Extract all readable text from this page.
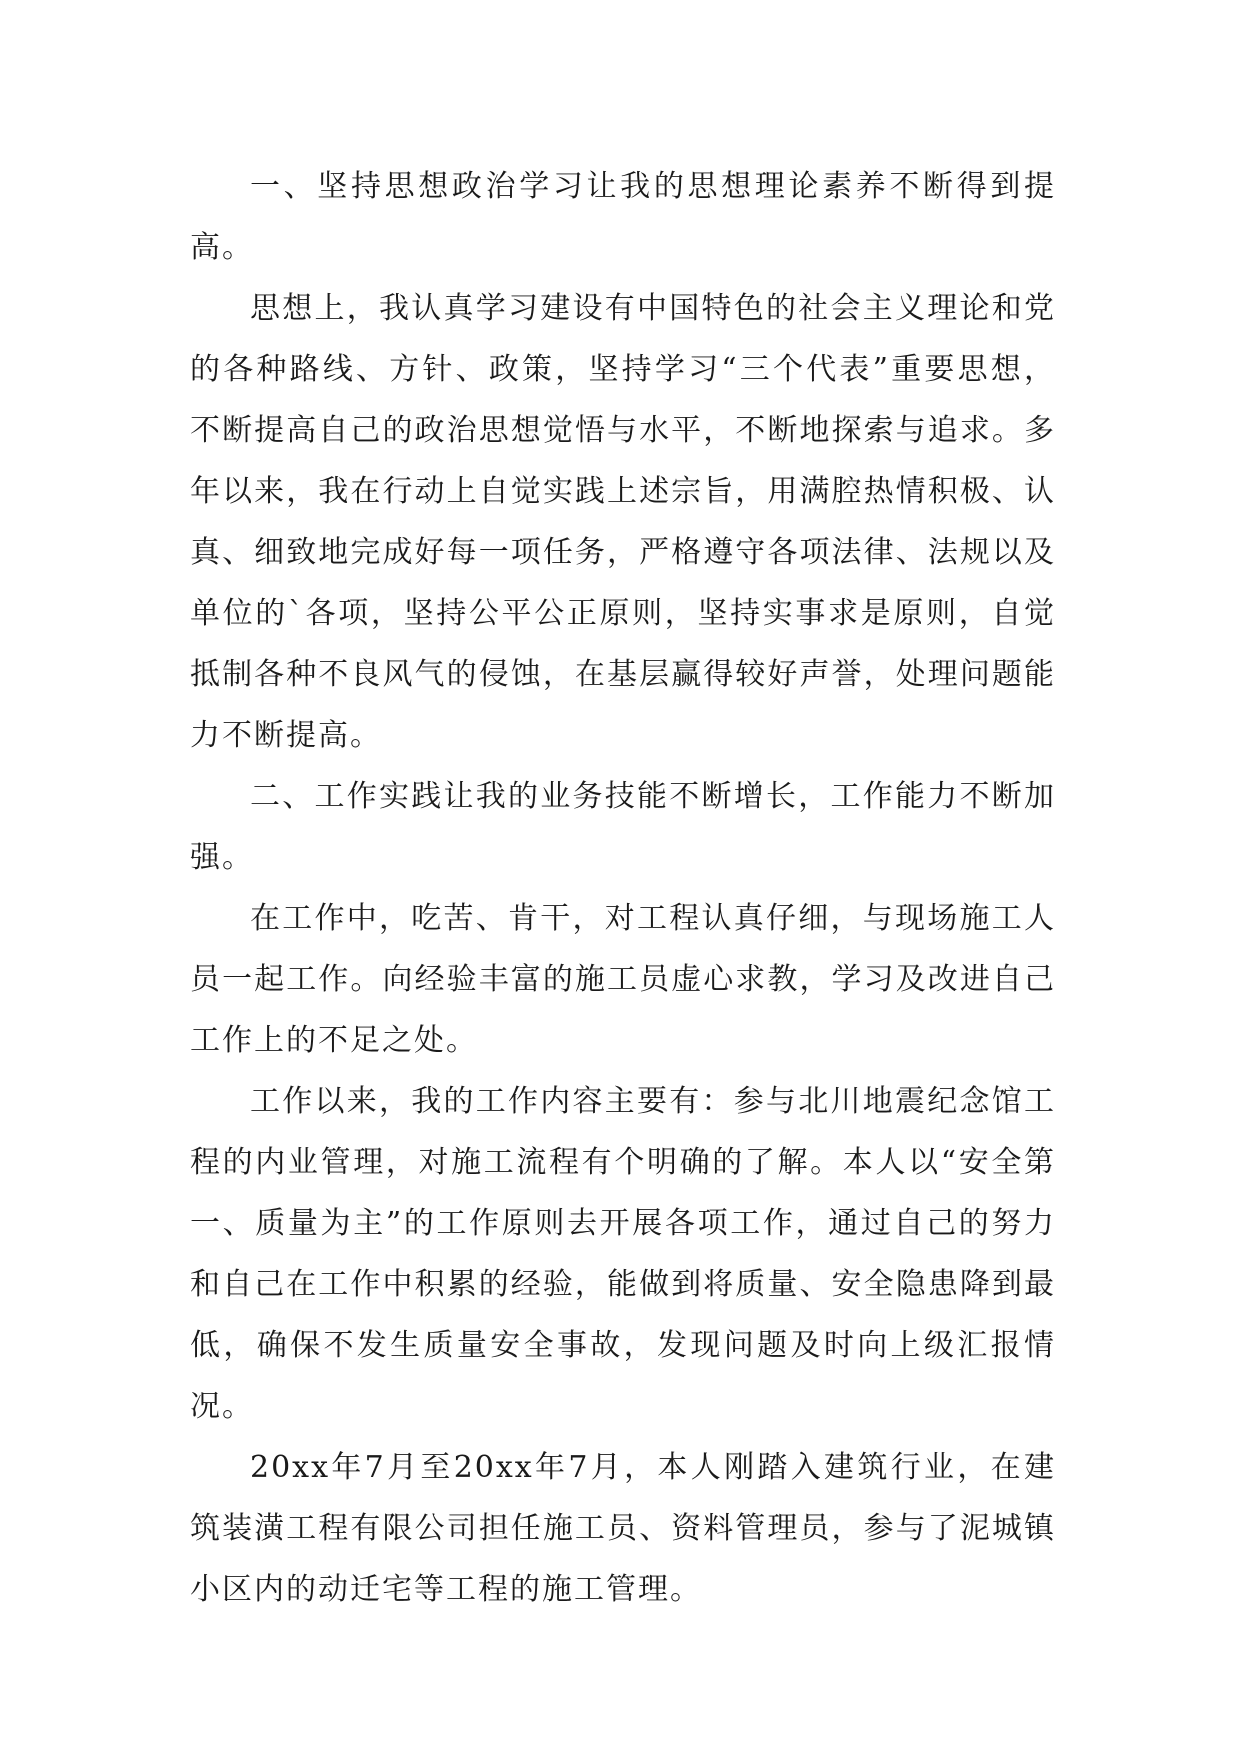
一、坚持思想政治学习让我的思想理论素养不断得到提高。

思想上，我认真学习建设有中国特色的社会主义理论和党的各种路线、方针、政策，坚持学习“三个代表”重要思想，不断提高自己的政治思想觉悟与水平，不断地探索与追求。多年以来，我在行动上自觉实践上述宗旨，用满腔热情积极、认真、细致地完成好每一项任务，严格遵守各项法律、法规以及单位的`各项，坚持公平公正原则，坚持实事求是原则，自觉抵制各种不良风气的侵蚀，在基层赢得较好声誉，处理问题能力不断提高。

二、工作实践让我的业务技能不断增长，工作能力不断加强。

在工作中，吃苦、肯干，对工程认真仔细，与现场施工人员一起工作。向经验丰富的施工员虚心求教，学习及改进自己工作上的不足之处。

工作以来，我的工作内容主要有：参与北川地震纪念馆工程的内业管理，对施工流程有个明确的了解。本人以“安全第一、质量为主”的工作原则去开展各项工作，通过自己的努力和自己在工作中积累的经验，能做到将质量、安全隐患降到最低，确保不发生质量安全事故，发现问题及时向上级汇报情况。

20xx年7月至20xx年7月，本人刚踏入建筑行业，在建筑装潢工程有限公司担任施工员、资料管理员，参与了泥城镇小区内的动迁宅等工程的施工管理。
